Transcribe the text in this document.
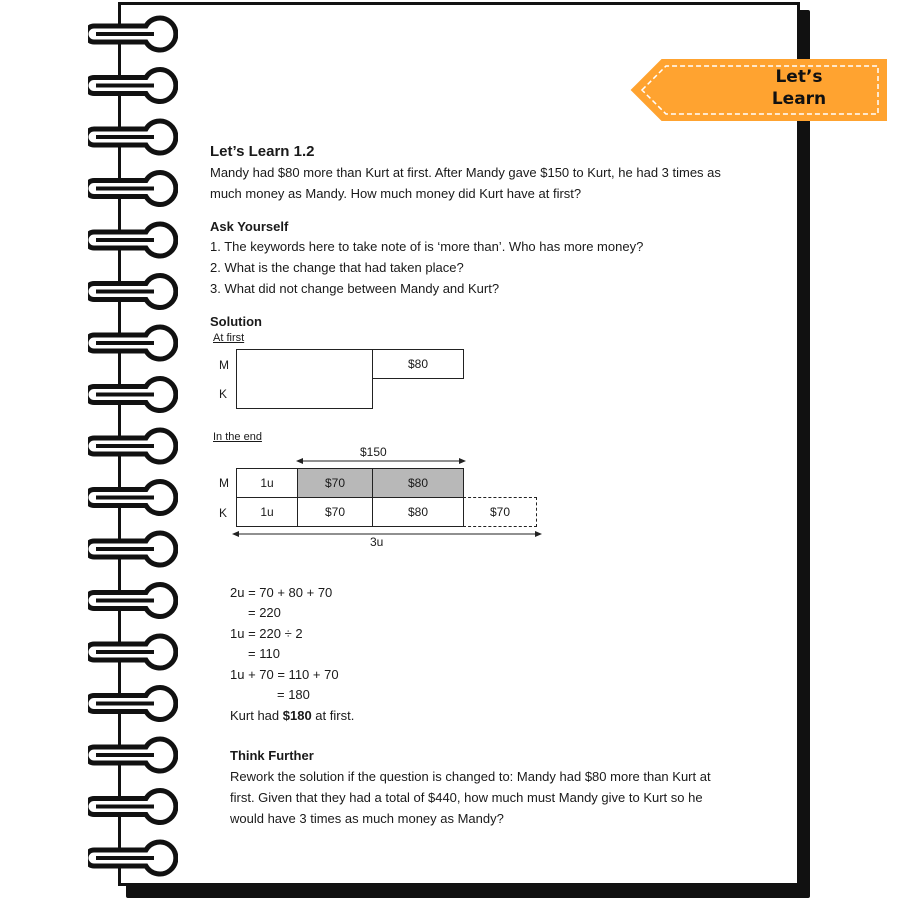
Let’s
Learn
Let’s Learn 1.2
Mandy had $80 more than Kurt at first. After Mandy gave $150 to Kurt, he had 3 times as
much money as Mandy. How much money did Kurt have at first?
Ask Yourself
1. The keywords here to take note of is ‘more than’. Who has more money?
2. What is the change that had taken place?
3. What did not change between Mandy and Kurt?
Solution
At first
M
K
$80
In the end
$150
M
K
1u	$70	$80
1u	$70	$80	$70
3u
2u = 70 + 80 + 70
= 220
1u = 220 ÷ 2
= 110
1u + 70 = 110 + 70
= 180
Kurt had $180 at first.
Think Further
Rework the solution if the question is changed to: Mandy had $80 more than Kurt at
first. Given that they had a total of $440, how much must Mandy give to Kurt so he
would have 3 times as much money as Mandy?
